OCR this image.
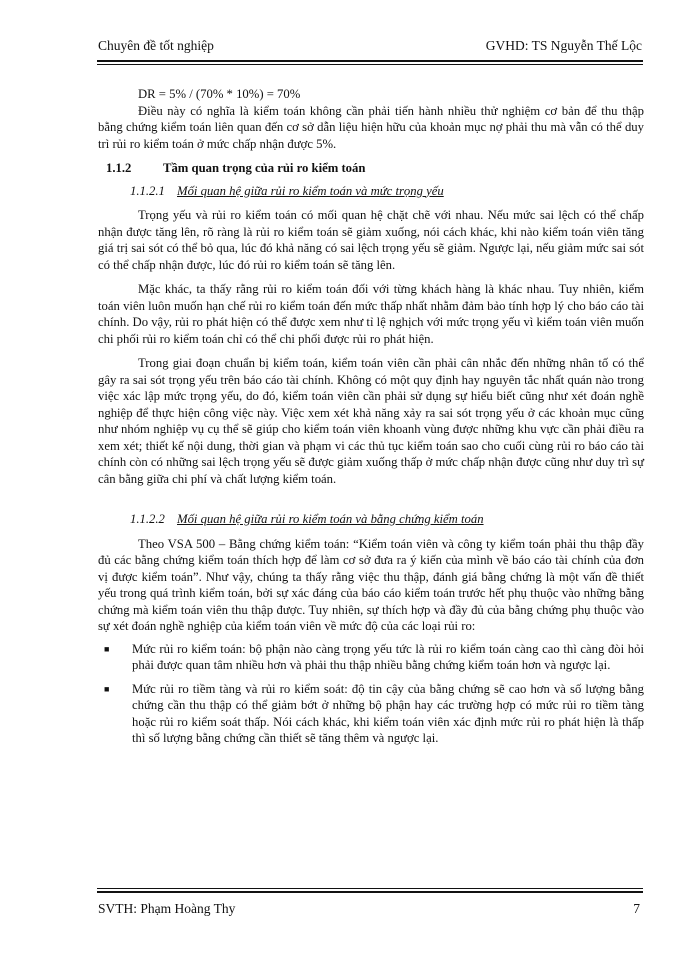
Chuyên đề tốt nghiệp	GVHD: TS Nguyễn Thế Lộc

DR = 5% / (70% * 10%) = 70%

Điều này có nghĩa là kiểm toán không cần phải tiến hành nhiều thử nghiệm cơ bản để thu thập bằng chứng kiểm toán liên quan đến cơ sở dẫn liệu hiện hữu của khoản mục nợ phải thu mà vẫn có thể duy trì rủi ro kiểm toán ở mức chấp nhận được 5%.

1.1.2	Tầm quan trọng của rủi ro kiểm toán

1.1.2.1 Mối quan hệ giữa rủi ro kiểm toán và mức trọng yếu

Trọng yếu và rủi ro kiểm toán có mối quan hệ chặt chẽ với nhau. Nếu mức sai lệch có thể chấp nhận được tăng lên, rõ ràng là rủi ro kiểm toán sẽ giảm xuống, nói cách khác, khi nào kiểm toán viên tăng giá trị sai sót có thể bỏ qua, lúc đó khả năng có sai lệch trọng yếu sẽ giảm. Ngược lại, nếu giảm mức sai sót có thể chấp nhận được, lúc đó rủi ro kiểm toán sẽ tăng lên.

Mặc khác, ta thấy rằng rủi ro kiểm toán đối với từng khách hàng là khác nhau. Tuy nhiên, kiểm toán viên luôn muốn hạn chế rủi ro kiểm toán đến mức thấp nhất nhằm đảm bảo tính hợp lý cho báo cáo tài chính. Do vậy, rủi ro phát hiện có thể được xem như tỉ lệ nghịch với mức trọng yếu vì kiểm toán viên muốn chi phối rủi ro kiểm toán chỉ có thể chi phối được rủi ro phát hiện.

Trong giai đoạn chuẩn bị kiểm toán, kiểm toán viên cần phải cân nhắc đến những nhân tố có thể gây ra sai sót trọng yếu trên báo cáo tài chính. Không có một quy định hay nguyên tắc nhất quán nào trong việc xác lập mức trọng yếu, do đó, kiểm toán viên cần phải sử dụng sự hiểu biết cũng như xét đoán nghề nghiệp để thực hiện công việc này. Việc xem xét khả năng xảy ra sai sót trọng yếu ở các khoản mục cũng như nhóm nghiệp vụ cụ thể sẽ giúp cho kiểm toán viên khoanh vùng được những khu vực cần phải điều ra xem xét; thiết kế nội dung, thời gian và phạm vi các thủ tục kiểm toán sao cho cuối cùng rủi ro báo cáo tài chính còn có những sai lệch trọng yếu sẽ được giảm xuống thấp ở mức chấp nhận được cũng như duy trì sự cân bằng giữa chi phí và chất lượng kiểm toán.

1.1.2.2 Mối quan hệ giữa rủi ro kiểm toán và bằng chứng kiểm toán

Theo VSA 500 – Bằng chứng kiểm toán: “Kiểm toán viên và công ty kiểm toán phải thu thập đầy đủ các bằng chứng kiểm toán thích hợp để làm cơ sở đưa ra ý kiến của mình về báo cáo tài chính của đơn vị được kiểm toán”. Như vậy, chúng ta thấy rằng việc thu thập, đánh giá bằng chứng là một vấn đề thiết yếu trong quá trình kiểm toán, bởi sự xác đáng của báo cáo kiểm toán trước hết phụ thuộc vào những bằng chứng mà kiểm toán viên thu thập được. Tuy nhiên, sự thích hợp và đầy đủ của bằng chứng phụ thuộc vào sự xét đoán nghề nghiệp của kiểm toán viên về mức độ của các loại rủi ro:

■	Mức rủi ro kiểm toán: bộ phận nào càng trọng yếu tức là rủi ro kiểm toán càng cao thì càng đòi hỏi phải được quan tâm nhiều hơn và phải thu thập nhiều bằng chứng kiểm toán hơn và ngược lại.
■	Mức rủi ro tiềm tàng và rủi ro kiểm soát: độ tin cậy của bằng chứng sẽ cao hơn và số lượng bằng chứng cần thu thập có thể giảm bớt ở những bộ phận hay các trường hợp có mức rủi ro tiềm tàng hoặc rủi ro kiểm soát thấp. Nói cách khác, khi kiểm toán viên xác định mức rủi ro phát hiện là thấp thì số lượng bằng chứng cần thiết sẽ tăng thêm và ngược lại.
SVTH: Phạm Hoàng Thy	7
